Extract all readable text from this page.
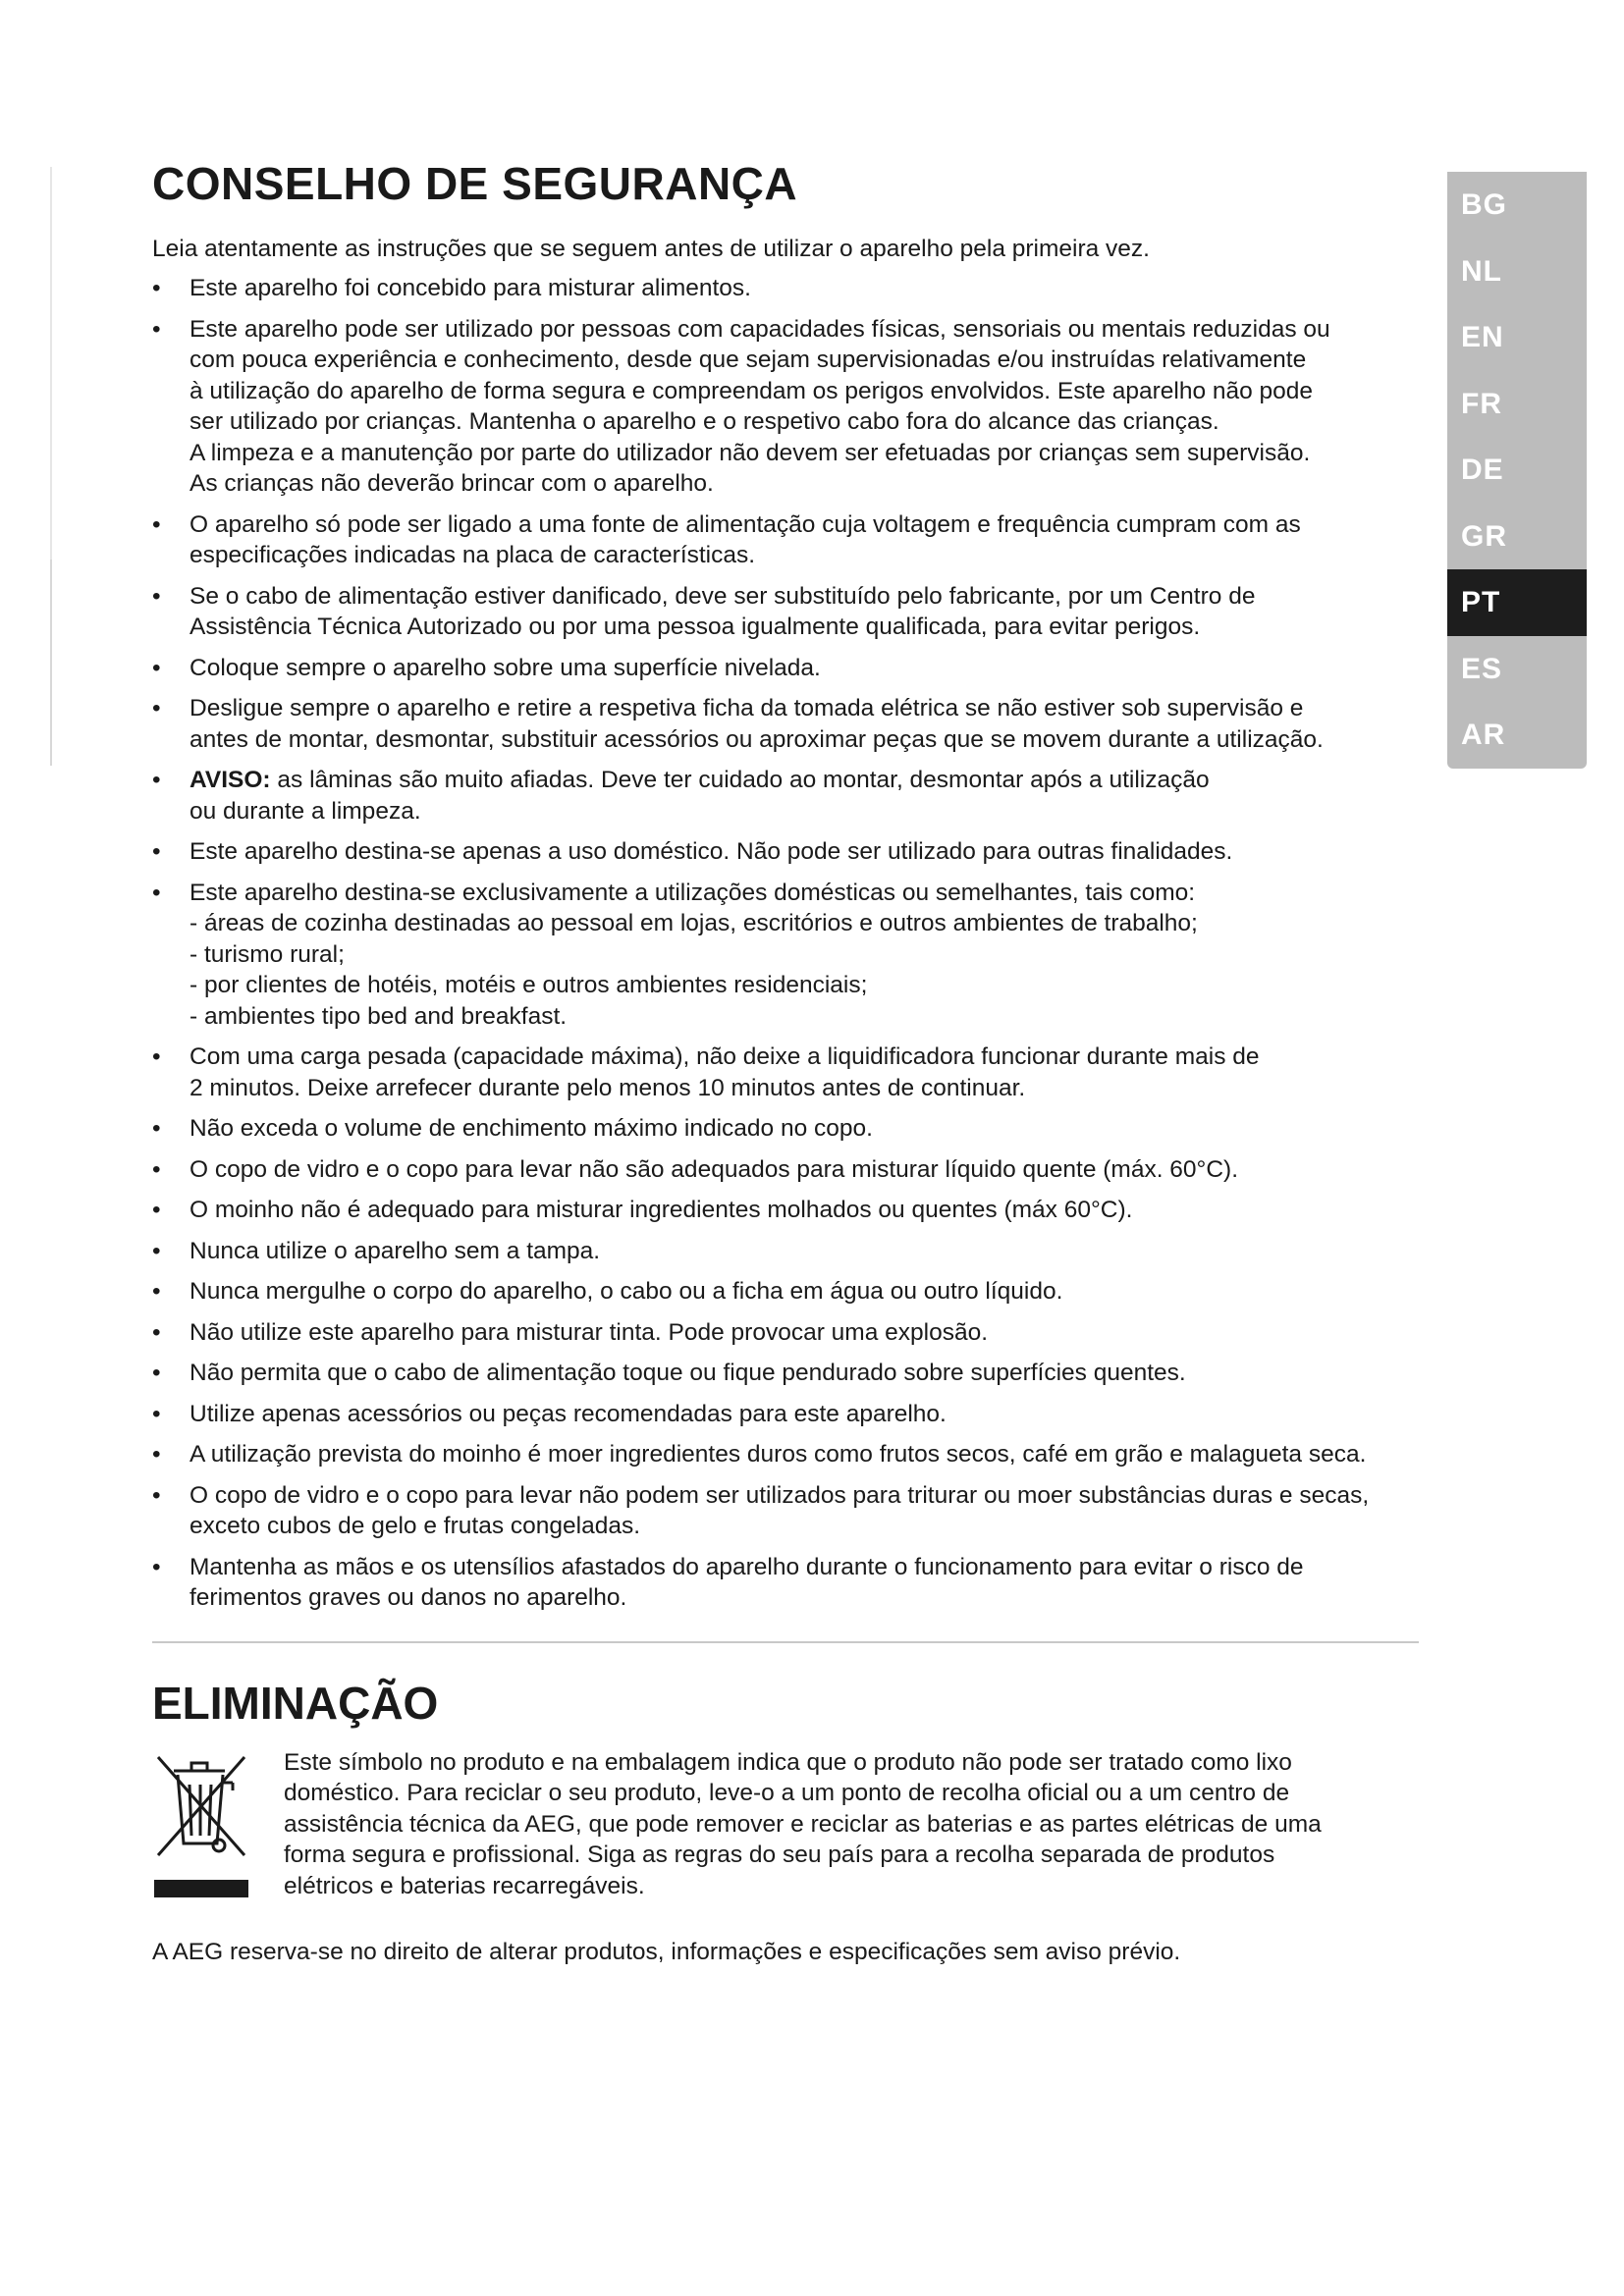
CONSELHO DE SEGURANÇA

Leia atentamente as instruções que se seguem antes de utilizar o aparelho pela primeira vez.

•	Este aparelho foi concebido para misturar alimentos.
•	Este aparelho pode ser utilizado por pessoas com capacidades físicas, sensoriais ou mentais reduzidas ou
com pouca experiência e conhecimento, desde que sejam supervisionadas e/ou instruídas relativamente
à utilização do aparelho de forma segura e compreendam os perigos envolvidos. Este aparelho não pode
ser utilizado por crianças. Mantenha o aparelho e o respetivo cabo fora do alcance das crianças.
A limpeza e a manutenção por parte do utilizador não devem ser efetuadas por crianças sem supervisão.
As crianças não deverão brincar com o aparelho.
•	O aparelho só pode ser ligado a uma fonte de alimentação cuja voltagem e frequência cumpram com as
especificações indicadas na placa de características.
•	Se o cabo de alimentação estiver danificado, deve ser substituído pelo fabricante, por um Centro de
Assistência Técnica Autorizado ou por uma pessoa igualmente qualificada, para evitar perigos.
•	Coloque sempre o aparelho sobre uma superfície nivelada.
•	Desligue sempre o aparelho e retire a respetiva ficha da tomada elétrica se não estiver sob supervisão e
antes de montar, desmontar, substituir acessórios ou aproximar peças que se movem durante a utilização.
•	AVISO: as lâminas são muito afiadas. Deve ter cuidado ao montar, desmontar após a utilização
ou durante a limpeza.
•	Este aparelho destina-se apenas a uso doméstico. Não pode ser utilizado para outras finalidades.
•	Este aparelho destina-se exclusivamente a utilizações domésticas ou semelhantes, tais como:
- áreas de cozinha destinadas ao pessoal em lojas, escritórios e outros ambientes de trabalho;
- turismo rural;
- por clientes de hotéis, motéis e outros ambientes residenciais;
- ambientes tipo bed and breakfast.
•	Com uma carga pesada (capacidade máxima), não deixe a liquidificadora funcionar durante mais de
2 minutos. Deixe arrefecer durante pelo menos 10 minutos antes de continuar.
•	Não exceda o volume de enchimento máximo indicado no copo.
•	O copo de vidro e o copo para levar não são adequados para misturar líquido quente (máx. 60°C).
•	O moinho não é adequado para misturar ingredientes molhados ou quentes (máx 60°C).
•	Nunca utilize o aparelho sem a tampa.
•	Nunca mergulhe o corpo do aparelho, o cabo ou a ficha em água ou outro líquido.
•	Não utilize este aparelho para misturar tinta. Pode provocar uma explosão.
•	Não permita que o cabo de alimentação toque ou fique pendurado sobre superfícies quentes.
•	Utilize apenas acessórios ou peças recomendadas para este aparelho.
•	A utilização prevista do moinho é moer ingredientes duros como frutos secos, café em grão e malagueta seca.
•	O copo de vidro e o copo para levar não podem ser utilizados para triturar ou moer substâncias duras e secas,
exceto cubos de gelo e frutas congeladas.
•	Mantenha as mãos e os utensílios afastados do aparelho durante o funcionamento para evitar o risco de
ferimentos graves ou danos no aparelho.
ELIMINAÇÃO
Este símbolo no produto e na embalagem indica que o produto não pode ser tratado como lixo
doméstico. Para reciclar o seu produto, leve-o a um ponto de recolha oficial ou a um centro de
assistência técnica da AEG, que pode remover e reciclar as baterias e as partes elétricas de uma
forma segura e profissional. Siga as regras do seu país para a recolha separada de produtos
elétricos e baterias recarregáveis.

A AEG reserva-se no direito de alterar produtos, informações e especificações sem aviso prévio.

BG
NL
EN
FR
DE
GR
PT
ES
AR
